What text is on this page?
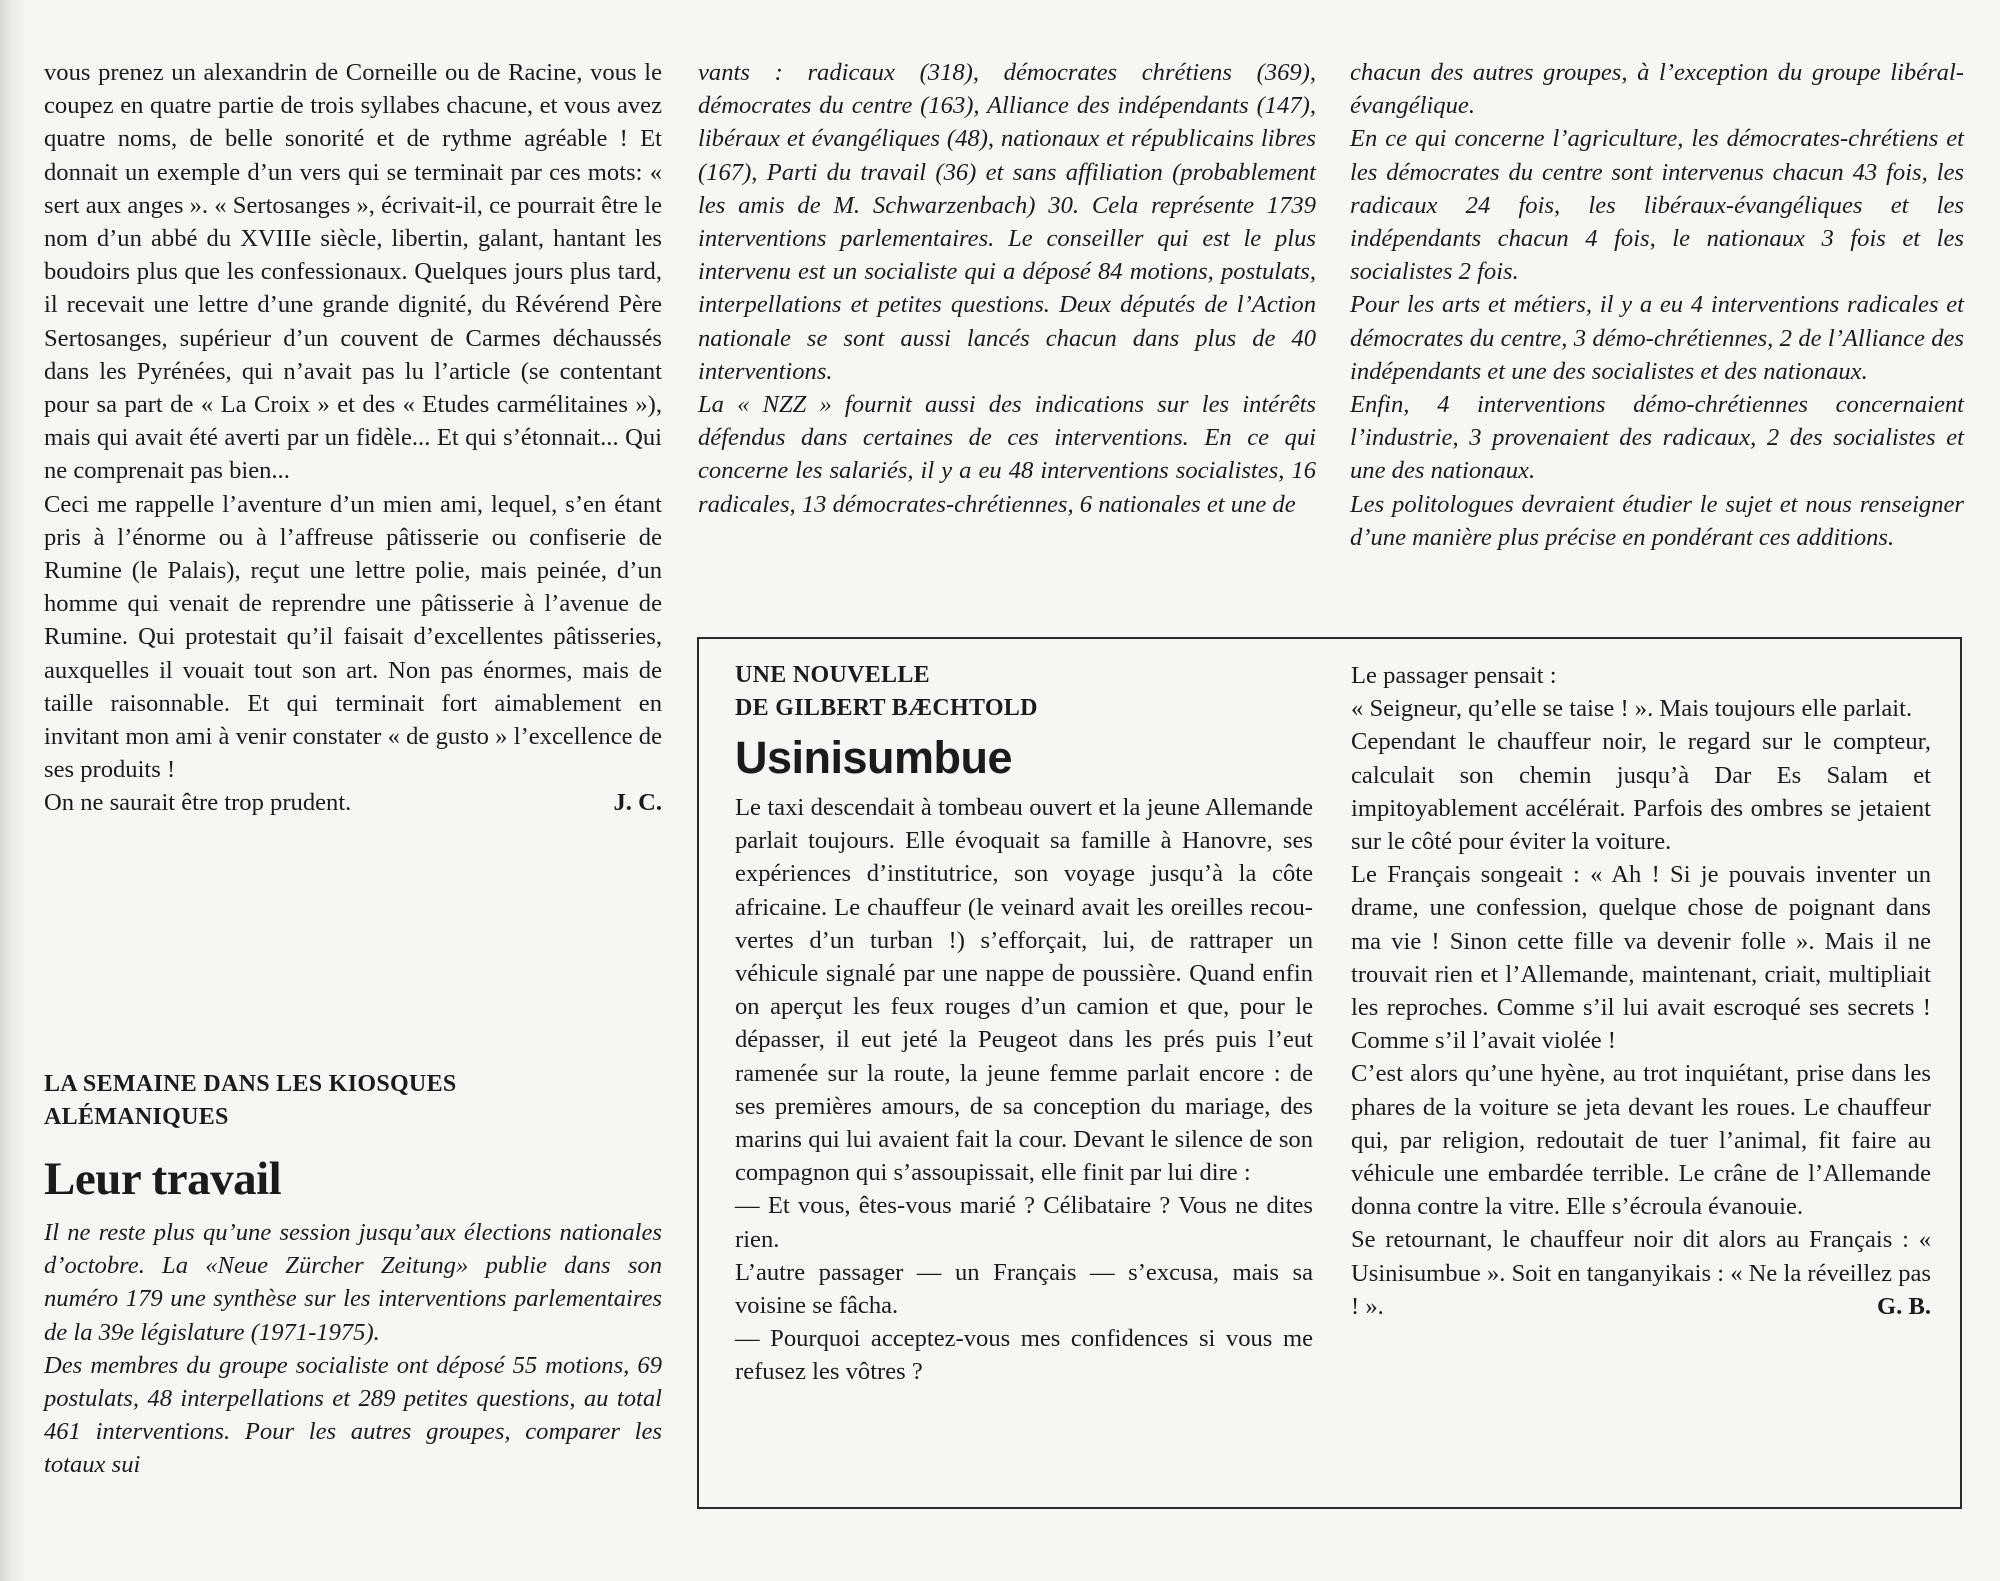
vous prenez un alexandrin de Corneille ou de Racine, vous le coupez en quatre partie de trois syllabes chacune, et vous avez quatre noms, de belle sonorité et de rythme agréable ! Et donnait un exemple d’un vers qui se terminait par ces mots: « sert aux anges ». « Sertosanges », écrivait-il, ce pourrait être le nom d’un abbé du XVIIIe siècle, libertin, galant, hantant les boudoirs plus que les confessionaux. Quelques jours plus tard, il recevait une lettre d’une grande dignité, du Révérend Père Sertosanges, supérieur d’un couvent de Carmes déchaussés dans les Pyrénées, qui n’avait pas lu l’article (se contentant pour sa part de « La Croix » et des « Etudes carmélitaines »), mais qui avait été averti par un fidèle... Et qui s’étonnait... Qui ne comprenait pas bien...

Ceci me rappelle l’aventure d’un mien ami, lequel, s’en étant pris à l’énorme ou à l’affreuse pâtisserie ou confiserie de Rumine (le Palais), reçut une lettre polie, mais peinée, d’un homme qui venait de reprendre une pâtisserie à l’avenue de Rumine. Qui protestait qu’il faisait d’excellentes pâtisseries, auxquelles il vouait tout son art. Non pas énormes, mais de taille raisonnable. Et qui terminait fort aimablement en invitant mon ami à venir constater « de gusto » l’excellence de ses produits !

On ne saurait être trop prudent.	J. C.

LA SEMAINE DANS LES KIOSQUES

ALÉMANIQUES

Leur travail

Il ne reste plus qu’une session jusqu’aux élections nationales d’octobre. La «Neue Zürcher Zeitung» publie dans son numéro 179 une synthèse sur les interventions parlementaires de la 39e législature (1971-1975).

Des membres du groupe socialiste ont déposé 55 motions, 69 postulats, 48 interpellations et 289 petites questions, au total 461 interventions. Pour les autres groupes, comparer les totaux sui

vants : radicaux (318), démocrates chrétiens (369), démocrates du centre (163), Alliance des indépendants (147), libéraux et évangéliques (48), nationaux et républicains libres (167), Parti du travail (36) et sans affiliation (probablement les amis de M. Schwarzenbach) 30. Cela représente 1739 interventions parlementaires. Le conseiller qui est le plus intervenu est un socialiste qui a déposé 84 motions, postulats, interpellations et petites questions. Deux députés de l’Action nationale se sont aussi lancés chacun dans plus de 40 interventions.

La « NZZ » fournit aussi des indications sur les intérêts défendus dans certaines de ces interventions. En ce qui concerne les salariés, il y a eu 48 interventions socialistes, 16 radicales, 13 démocrates-chrétiennes, 6 nationales et une de

chacun des autres groupes, à l’exception du groupe libéral-évangélique.

En ce qui concerne l’agriculture, les démocrates-chrétiens et les démocrates du centre sont intervenus chacun 43 fois, les radicaux 24 fois, les libéraux-évangéliques et les indépendants chacun 4 fois, le nationaux 3 fois et les socialistes 2 fois.

Pour les arts et métiers, il y a eu 4 interventions radicales et démocrates du centre, 3 démo-chrétiennes, 2 de l’Alliance des indépendants et une des socialistes et des nationaux.

Enfin, 4 interventions démo-chrétiennes concernaient l’industrie, 3 provenaient des radicaux, 2 des socialistes et une des nationaux.

Les politologues devraient étudier le sujet et nous renseigner d’une manière plus précise en pondérant ces additions.

UNE NOUVELLE

DE GILBERT BÆCHTOLD

Usinisumbue

Le taxi descendait à tombeau ouvert et la jeune Allemande parlait toujours. Elle évoquait sa famille à Hanovre, ses expériences d’institutrice, son voyage jusqu’à la côte africaine. Le chauffeur (le veinard avait les oreilles recouvertes d’un turban !) s’efforçait, lui, de rattraper un véhicule signalé par une nappe de poussière. Quand enfin on aperçut les feux rouges d’un camion et que, pour le dépasser, il eut jeté la Peugeot dans les prés puis l’eut ramenée sur la route, la jeune femme parlait encore : de ses premières amours, de sa conception du mariage, des marins qui lui avaient fait la cour. Devant le silence de son compagnon qui s’assoupissait, elle finit par lui dire :

— Et vous, êtes-vous marié ? Célibataire ? Vous ne dites rien.

L’autre passager — un Français — s’excusa, mais sa voisine se fâcha.

— Pourquoi acceptez-vous mes confidences si vous me refusez les vôtres ?

Le passager pensait :

« Seigneur, qu’elle se taise ! ». Mais toujours elle parlait.

Cependant le chauffeur noir, le regard sur le compteur, calculait son chemin jusqu’à Dar Es Salam et impitoyablement accélérait. Parfois des ombres se jetaient sur le côté pour éviter la voiture.

Le Français songeait : « Ah ! Si je pouvais inventer un drame, une confession, quelque chose de poignant dans ma vie ! Sinon cette fille va devenir folle ». Mais il ne trouvait rien et l’Allemande, maintenant, criait, multipliait les reproches. Comme s’il lui avait escroqué ses secrets ! Comme s’il l’avait violée !

C’est alors qu’une hyène, au trot inquiétant, prise dans les phares de la voiture se jeta devant les roues. Le chauffeur qui, par religion, redoutait de tuer l’animal, fit faire au véhicule une embardée terrible. Le crâne de l’Allemande donna contre la vitre. Elle s’écroula évanouie.

Se retournant, le chauffeur noir dit alors au Français : « Usinisumbue ». Soit en tanganyikais : « Ne la réveillez pas ! ».	G. B.
